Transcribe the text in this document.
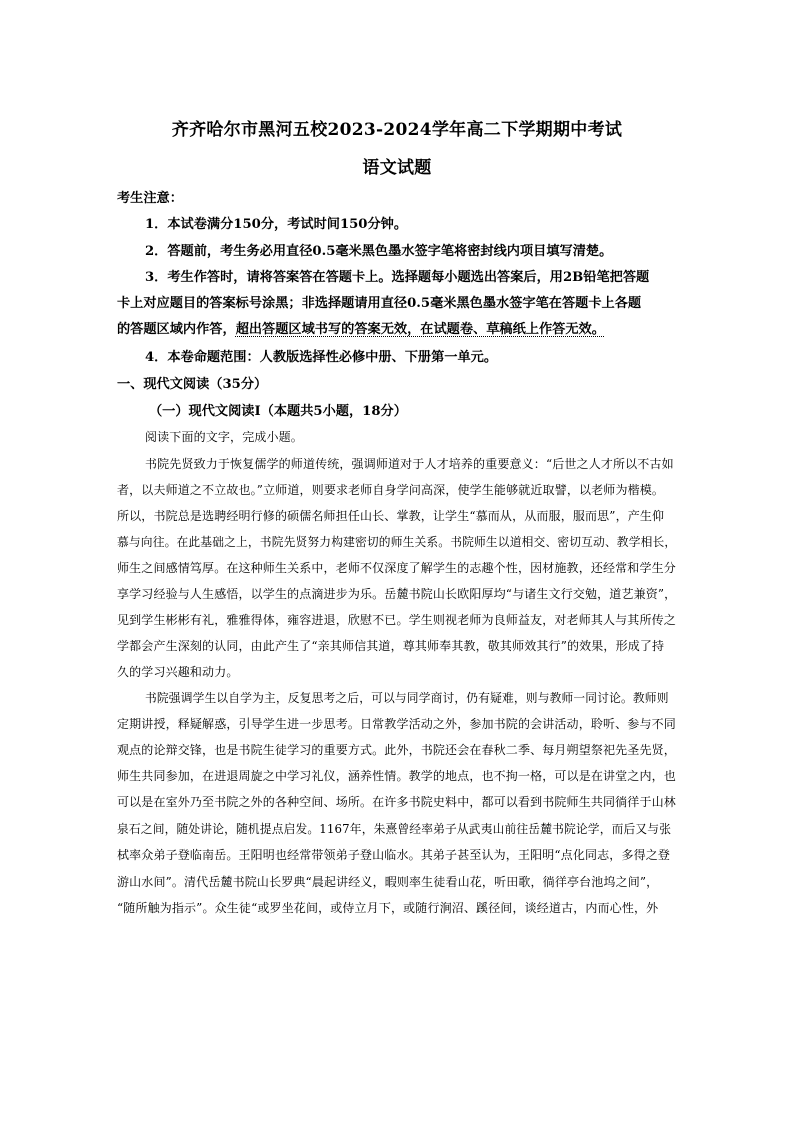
齐齐哈尔市黑河五校2023-2024学年高二下学期期中考试
语文试题
考生注意：
1．本试卷满分150分，考试时间150分钟。
2．答题前，考生务必用直径0.5毫米黑色墨水签字笔将密封线内项目填写清楚。
3．考生作答时，请将答案答在答题卡上。选择题每小题选出答案后，用2B铅笔把答题
卡上对应题目的答案标号涂黑；非选择题请用直径0.5毫米黑色墨水签字笔在答题卡上各题
的答题区域内作答，超出答题区域书写的答案无效，在试题卷、草稿纸上作答无效。
4．本卷命题范围：人教版选择性必修中册、下册第一单元。
一、现代文阅读（35分）
（一）现代文阅读Ⅰ（本题共5小题，18分）
阅读下面的文字，完成小题。
书院先贤致力于恢复儒学的师道传统，强调师道对于人才培养的重要意义：“后世之人才所以不古如
者，以夫师道之不立故也。”立师道，则要求老师自身学问高深，使学生能够就近取譬，以老师为楷模。
所以，书院总是选聘经明行修的硕儒名师担任山长、掌教，让学生“慕而从，从而服，服而思”，产生仰
慕与向往。在此基础之上，书院先贤努力构建密切的师生关系。书院师生以道相交、密切互动、教学相长，
师生之间感情笃厚。在这种师生关系中，老师不仅深度了解学生的志趣个性，因材施教，还经常和学生分
享学习经验与人生感悟，以学生的点滴进步为乐。岳麓书院山长欧阳厚均“与诸生文行交勉，道艺兼资”，
见到学生彬彬有礼，雅雅得体，雍容进退，欣慰不已。学生则视老师为良师益友，对老师其人与其所传之
学都会产生深刻的认同，由此产生了“亲其师信其道，尊其师奉其教，敬其师效其行”的效果，形成了持
久的学习兴趣和动力。
书院强调学生以自学为主，反复思考之后，可以与同学商讨，仍有疑难，则与教师一同讨论。教师则
定期讲授，释疑解惑，引导学生进一步思考。日常教学活动之外，参加书院的会讲活动，聆听、参与不同
观点的论辩交锋，也是书院生徒学习的重要方式。此外，书院还会在春秋二季、每月朔望祭祀先圣先贤，
师生共同参加，在进退周旋之中学习礼仪，涵养性情。教学的地点，也不拘一格，可以是在讲堂之内，也
可以是在室外乃至书院之外的各种空间、场所。在许多书院史料中，都可以看到书院师生共同徜徉于山林
泉石之间，随处讲论，随机提点启发。1167年，朱熹曾经率弟子从武夷山前往岳麓书院论学，而后又与张
栻率众弟子登临南岳。王阳明也经常带领弟子登山临水。其弟子甚至认为，王阳明“点化同志，多得之登
游山水间”。清代岳麓书院山长罗典“晨起讲经义，暇则率生徒看山花，听田歌，徜徉亭台池坞之间”，
“随所触为指示”。众生徒“或罗坐花间，或侍立月下，或随行涧沼、蹊径间，谈经道古，内而心性，外
